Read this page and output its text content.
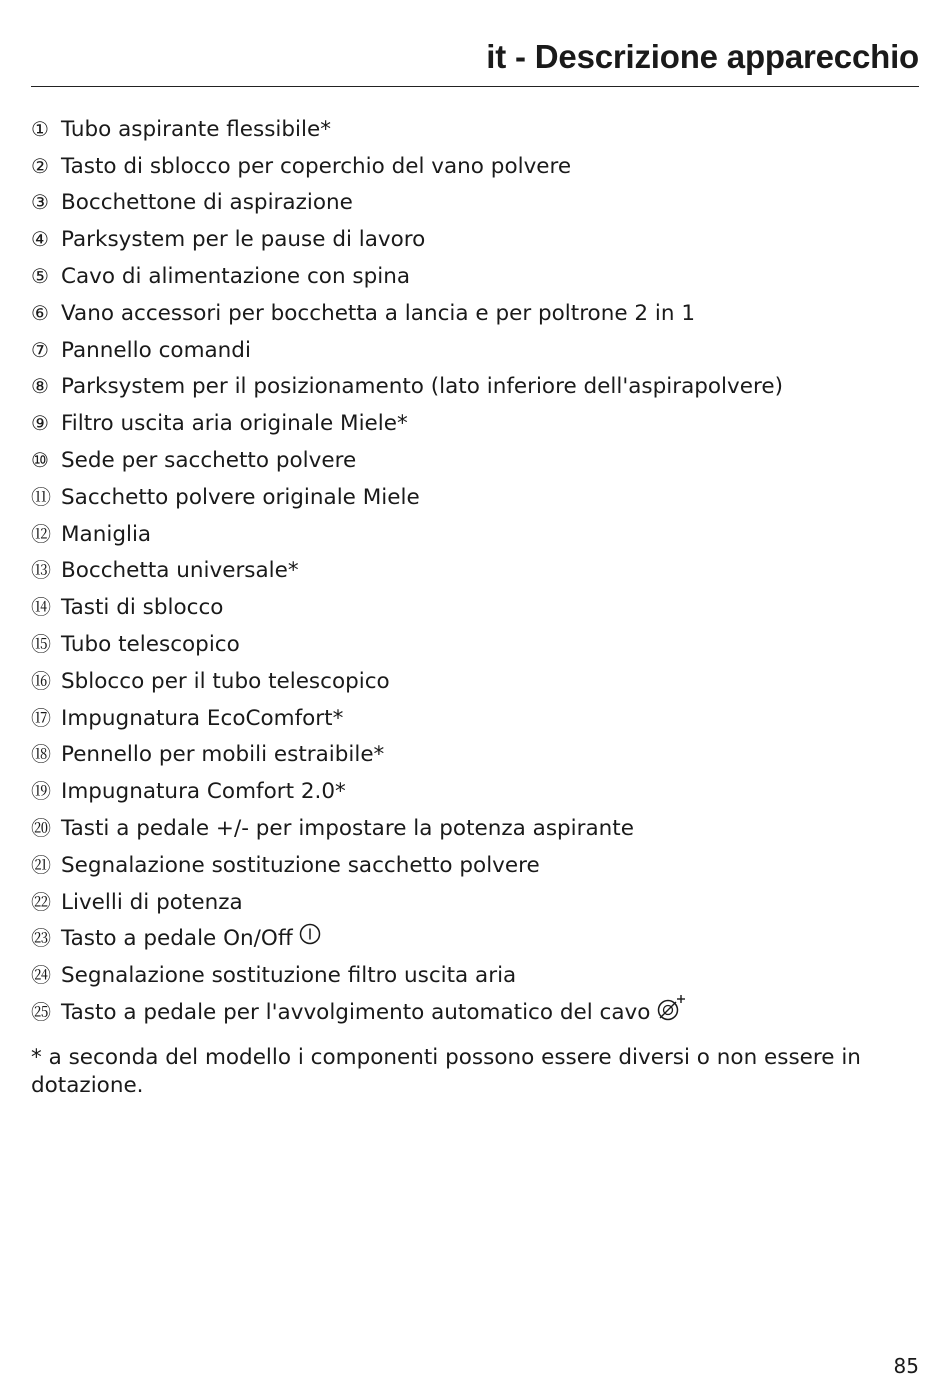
it - Descrizione apparecchio
① Tubo aspirante flessibile*
② Tasto di sblocco per coperchio del vano polvere
③ Bocchettone di aspirazione
④ Parksystem per le pause di lavoro
⑤ Cavo di alimentazione con spina
⑥ Vano accessori per bocchetta a lancia e per poltrone 2 in 1
⑦ Pannello comandi
⑧ Parksystem per il posizionamento (lato inferiore dell'aspirapolvere)
⑨ Filtro uscita aria originale Miele*
⑩ Sede per sacchetto polvere
⑪ Sacchetto polvere originale Miele
⑫ Maniglia
⑬ Bocchetta universale*
⑭ Tasti di sblocco
⑮ Tubo telescopico
⑯ Sblocco per il tubo telescopico
⑰ Impugnatura EcoComfort*
⑱ Pennello per mobili estraibile*
⑲ Impugnatura Comfort 2.0*
⑳ Tasti a pedale +/- per impostare la potenza aspirante
㉑ Segnalazione sostituzione sacchetto polvere
㉒ Livelli di potenza
㉓ Tasto a pedale On/Off
㉔ Segnalazione sostituzione filtro uscita aria
㉕ Tasto a pedale per l'avvolgimento automatico del cavo

* a seconda del modello i componenti possono essere diversi o non essere in dotazione.

85
